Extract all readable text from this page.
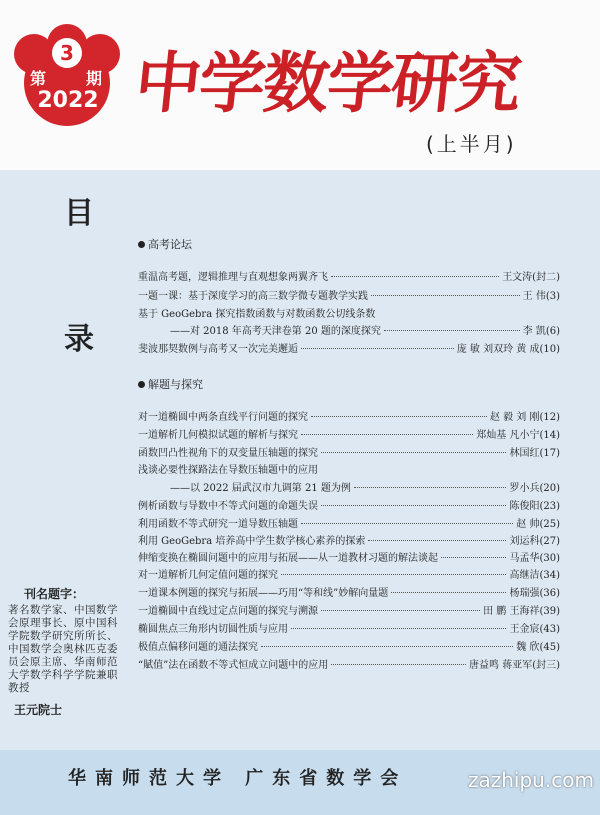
3
第 期
2022 中学数学研究
(上半月)
目
录
高考论坛
重温高考题，逻辑推理与直观想象两翼齐飞	王文涛(封二)
一题一课：基于深度学习的高三数学微专题教学实践	王 伟(3)
基于 GeoGebra 探究指数函数与对数函数公切线条数
——对 2018 年高考天津卷第 20 题的深度探究	李 凯(6)
斐波那契数例与高考又一次完美邂逅	庞 敏 刘双玲 黄 成(10)
解题与探究
对一道椭圆中两条直线平行问题的探究	赵 毅 刘 刚(12)
一道解析几何模拟试题的解析与探究	郑灿基 凡小宁(14)
函数凹凸性视角下的双变量压轴题的探究	林国红(17)
浅谈必要性探路法在导数压轴题中的应用
——以 2022 届武汉市九调第 21 题为例	罗小兵(20)
例析函数与导数中不等式问题的命题失误	陈俊阳(23)
利用函数不等式研究一道导数压轴题	赵 帅(25)
利用 GeoGebra 培养高中学生数学核心素养的探索	刘运科(27)
伸缩变换在椭圆问题中的应用与拓展——从一道教材习题的解法谈起	马孟华(30)
对一道解析几何定值问题的探究	高继洁(34)
一道课本例题的探究与拓展——巧用“等和线”妙解向量题	杨瑞强(36)
一道椭圆中直线过定点问题的探究与溯源	田 鹏 王海祥(39)
椭圆焦点三角形内切圆性质与应用	王金宸(43)
极值点偏移问题的通法探究	魏 欣(45)
“賦值”法在函数不等式恒成立问题中的应用	唐益鸣 蒋亚军(封三)
刊名题字：
著名数学家、中国数学会原理事长、原中国科学院数学研究所所长、中国数学会奥林匹克委员会原主席、华南师范大学数学科学学院兼职教授
王元院士
华南师范大学 广东省数学会	zazhipu.com
